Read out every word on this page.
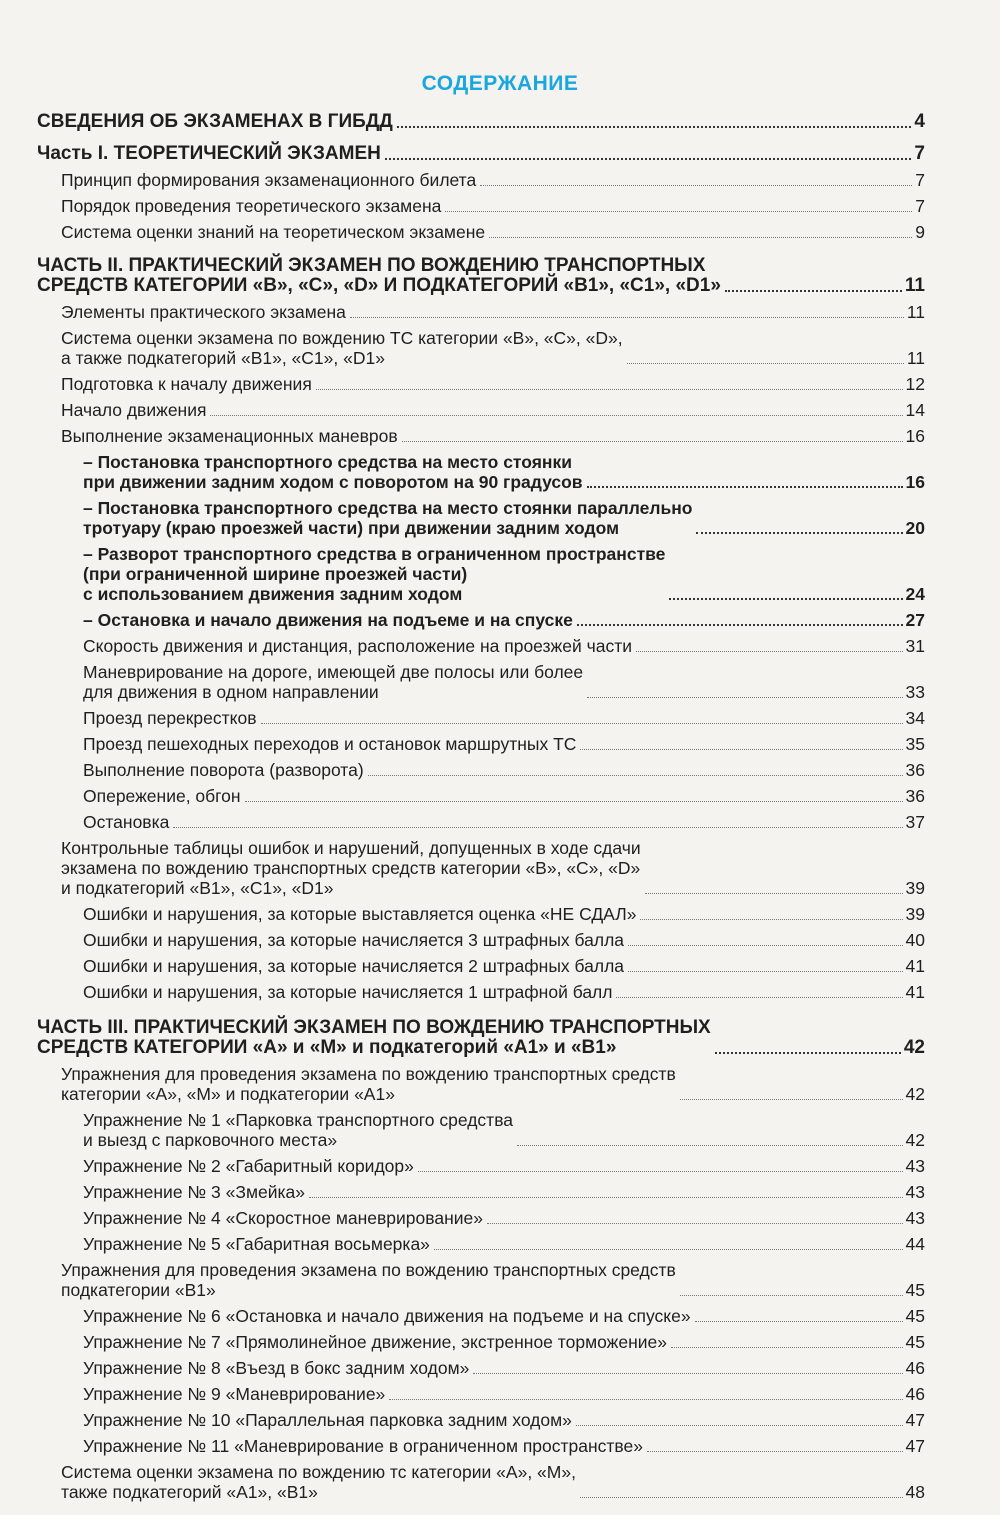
СОДЕРЖАНИЕ
СВЕДЕНИЯ ОБ ЭКЗАМЕНАХ В ГИБДД	4
Часть I. ТЕОРЕТИЧЕСКИЙ ЭКЗАМЕН	7
Принцип формирования экзаменационного билета	7
Порядок проведения теоретического экзамена	7
Система оценки знаний на теоретическом экзамене	9
ЧАСТЬ II. ПРАКТИЧЕСКИЙ ЭКЗАМЕН ПО ВОЖДЕНИЮ ТРАНСПОРТНЫХ
СРЕДСТВ КАТЕГОРИИ «В», «С», «D» И ПОДКАТЕГОРИЙ «В1», «С1», «D1»	11
Элементы практического экзамена	11
Система оценки экзамена по вождению ТС категории «В», «С», «D»,
а также подкатегорий «В1», «С1», «D1»	11
Подготовка к началу движения	12
Начало движения	14
Выполнение экзаменационных маневров	16
– Постановка транспортного средства на место стоянки
при движении задним ходом с поворотом на 90 градусов	16
– Постановка транспортного средства на место стоянки параллельно
тротуару (краю проезжей части) при движении задним ходом	20
– Разворот транспортного средства в ограниченном пространстве
(при ограниченной ширине проезжей части)
с использованием движения задним ходом	24
– Остановка и начало движения на подъеме и на спуске	27
Скорость движения и дистанция, расположение на проезжей части	31
Маневрирование на дороге, имеющей две полосы или более
для движения в одном направлении	33
Проезд перекрестков	34
Проезд пешеходных переходов и остановок маршрутных ТС	35
Выполнение поворота (разворота)	36
Опережение, обгон	36
Остановка	37
Контрольные таблицы ошибок и нарушений, допущенных в ходе сдачи
экзамена по вождению транспортных средств категории «В», «С», «D»
и подкатегорий «В1», «С1», «D1»	39
Ошибки и нарушения, за которые выставляется оценка «НЕ СДАЛ»	39
Ошибки и нарушения, за которые начисляется 3 штрафных балла	40
Ошибки и нарушения, за которые начисляется 2 штрафных балла	41
Ошибки и нарушения, за которые начисляется 1 штрафной балл	41
ЧАСТЬ III. ПРАКТИЧЕСКИЙ ЭКЗАМЕН ПО ВОЖДЕНИЮ ТРАНСПОРТНЫХ
СРЕДСТВ КАТЕГОРИИ «А» и «М» и подкатегорий «А1» и «В1»	42
Упражнения для проведения экзамена по вождению транспортных средств
категории «А», «М» и подкатегории «А1»	42
Упражнение № 1 «Парковка транспортного средства
и выезд с парковочного места»	42
Упражнение № 2 «Габаритный коридор»	43
Упражнение № 3 «Змейка»	43
Упражнение № 4 «Скоростное маневрирование»	43
Упражнение № 5 «Габаритная восьмерка»	44
Упражнения для проведения экзамена по вождению транспортных средств
подкатегории «В1»	45
Упражнение № 6 «Остановка и начало движения на подъеме и на спуске»	45
Упражнение № 7 «Прямолинейное движение, экстренное торможение»	45
Упражнение № 8 «Въезд в бокс задним ходом»	46
Упражнение № 9 «Маневрирование»	46
Упражнение № 10 «Параллельная парковка задним ходом»	47
Упражнение № 11 «Маневрирование в ограниченном пространстве»	47
Система оценки экзамена по вождению тс категории «А», «М»,
также подкатегорий «А1», «В1»	48
